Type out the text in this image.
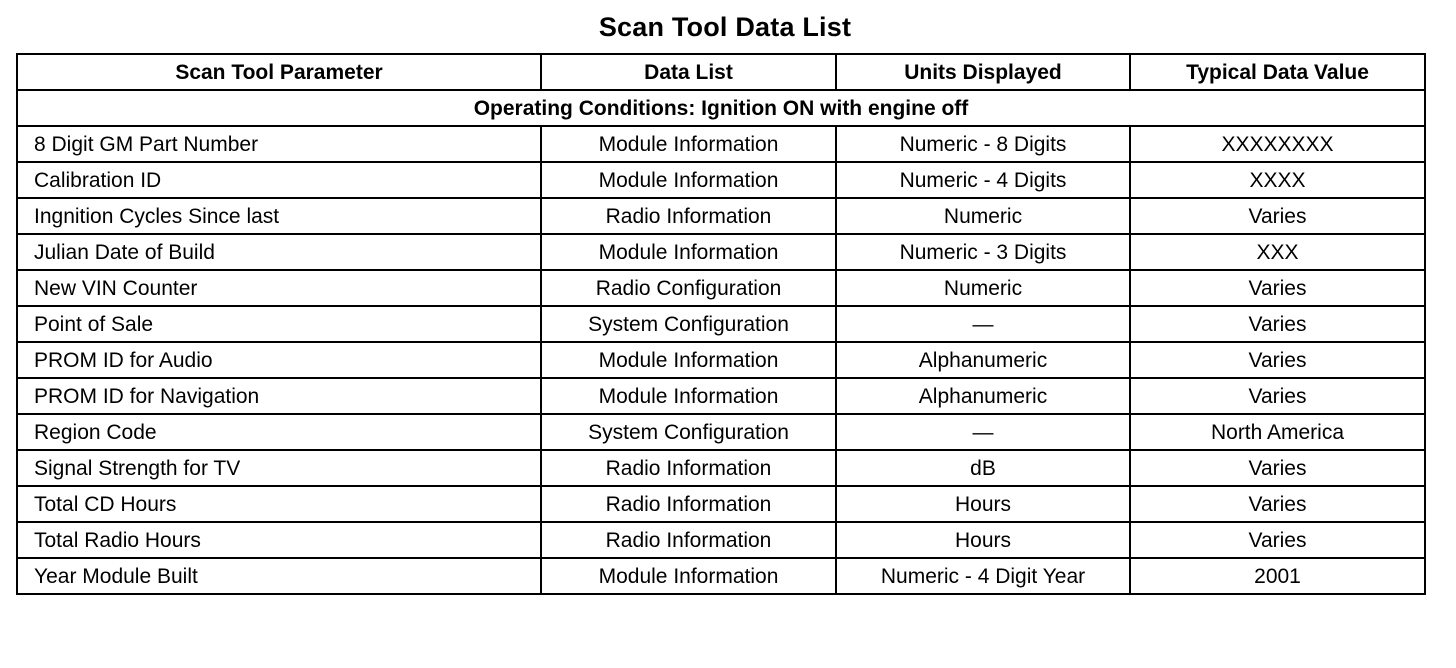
Scan Tool Data List
Scan Tool Parameter	Data List	Units Displayed	Typical Data Value
Operating Conditions: Ignition ON with engine off			
8 Digit GM Part Number	Module Information	Numeric - 8 Digits	XXXXXXXX
Calibration ID	Module Information	Numeric - 4 Digits	XXXX
Ingnition Cycles Since last	Radio Information	Numeric	Varies
Julian Date of Build	Module Information	Numeric - 3 Digits	XXX
New VIN Counter	Radio Configuration	Numeric	Varies
Point of Sale	System Configuration	—	Varies
PROM ID for Audio	Module Information	Alphanumeric	Varies
PROM ID for Navigation	Module Information	Alphanumeric	Varies
Region Code	System Configuration	—	North America
Signal Strength for TV	Radio Information	dB	Varies
Total CD Hours	Radio Information	Hours	Varies
Total Radio Hours	Radio Information	Hours	Varies
Year Module Built	Module Information	Numeric - 4 Digit Year	2001
